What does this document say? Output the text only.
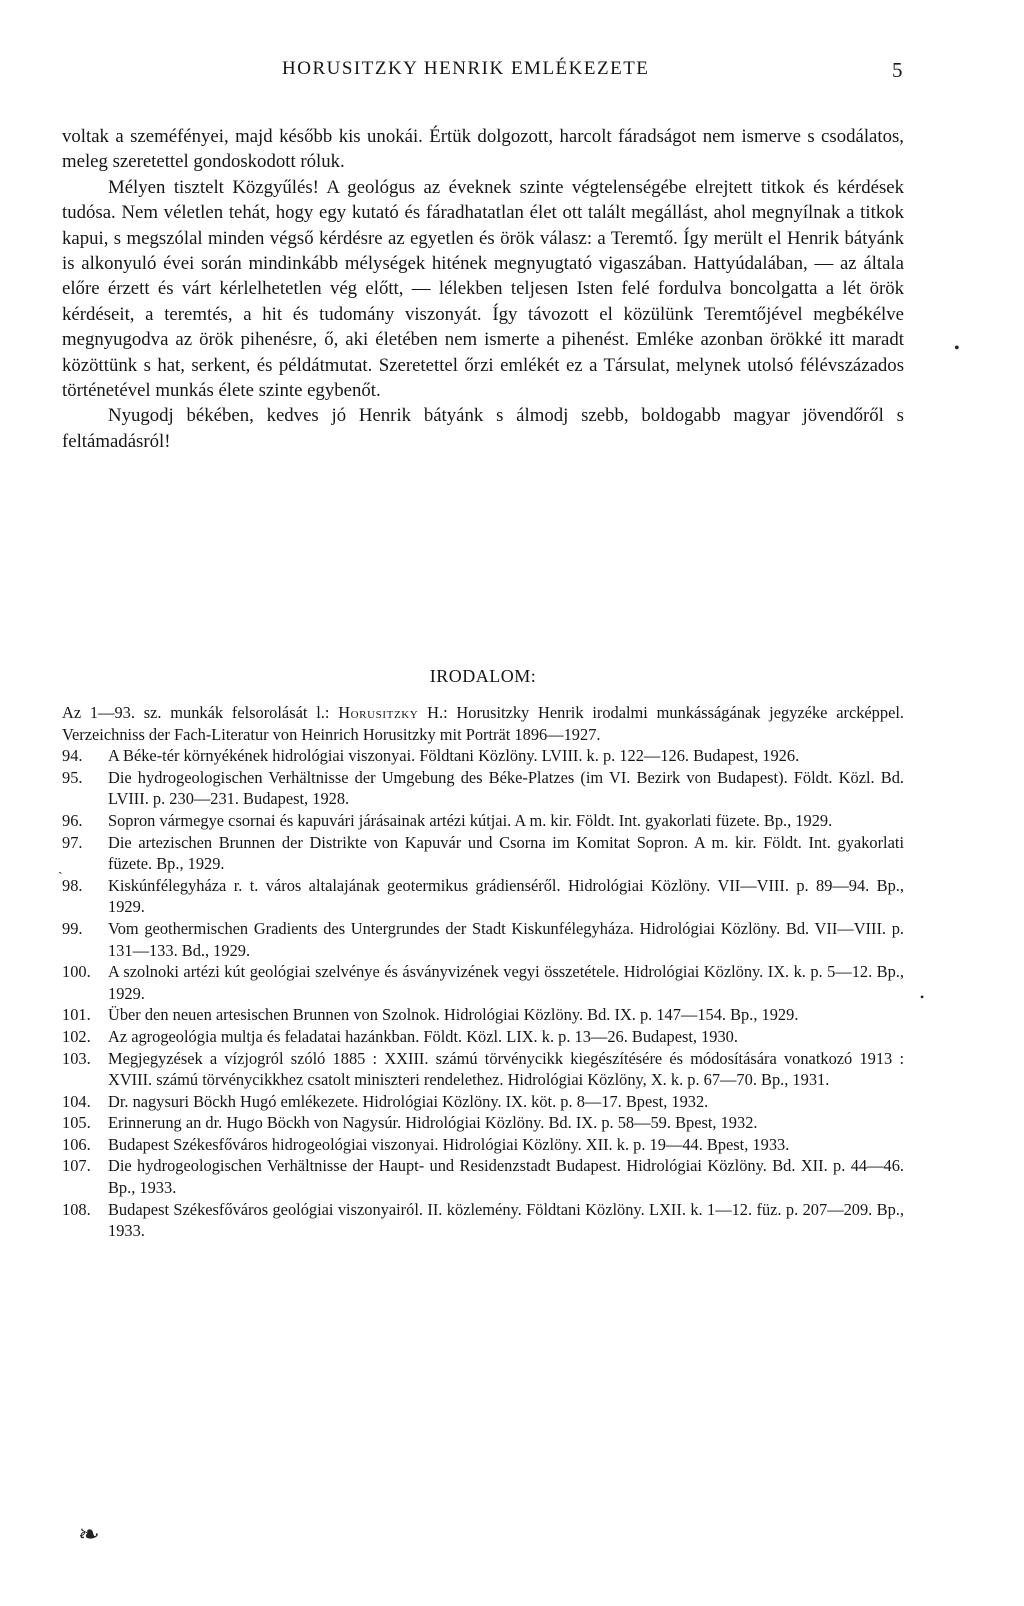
HORUSITZKY HENRIK EMLÉKEZETE	5

voltak a szeméfényei, majd később kis unokái. Értük dolgozott, harcolt fáradságot nem ismerve s csodálatos, meleg szeretettel gondoskodott róluk.

Mélyen tisztelt Közgyűlés! A geológus az éveknek szinte végtelenségébe elrejtett titkok és kérdések tudósa. Nem véletlen tehát, hogy egy kutató és fáradhatatlan élet ott talált megállást, ahol megnyílnak a titkok kapui, s megszólal minden végső kérdésre az egyetlen és örök válasz: a Teremtő. Így merült el Henrik bátyánk is alkonyuló évei során mindinkább mélységek hitének megnyugtató vigaszában. Hattyúdalában, — az általa előre érzett és várt kérlelhetetlen vég előtt, — lélekben teljesen Isten felé fordulva boncolgatta a lét örök kérdéseit, a teremtés, a hit és tudomány viszonyát. Így távozott el közülünk Teremtőjével megbékélve megnyugodva az örök pihenésre, ő, aki életében nem ismerte a pihenést. Emléke azonban örökké itt maradt közöttünk s hat, serkent, és példátmutat. Szeretettel őrzi emlékét ez a Társulat, melynek utolsó félévszázados történetével munkás élete szinte egybenőt.

Nyugodj békében, kedves jó Henrik bátyánk s álmodj szebb, boldogabb magyar jövendőről s feltámadásról!

IRODALOM:
Az 1—93. sz. munkák felsorolását l.: Horusitzky H.: Horusitzky Henrik irodalmi munkásságának jegyzéke arcképpel. Verzeichniss der Fach-Literatur von Heinrich Horusitzky mit Porträt 1896—1927.
94.	A Béke-tér környékének hidrológiai viszonyai. Földtani Közlöny. LVIII. k. p. 122—126. Budapest, 1926.
95.	Die hydrogeologischen Verhältnisse der Umgebung des Béke-Platzes (im VI. Bezirk von Budapest). Földt. Közl. Bd. LVIII. p. 230—231. Budapest, 1928.
96.	Sopron vármegye csornai és kapuvári járásainak artézi kútjai. A m. kir. Földt. Int. gyakorlati füzete. Bp., 1929.
97.	Die artezischen Brunnen der Distrikte von Kapuvár und Csorna im Komitat Sopron. A m. kir. Földt. Int. gyakorlati füzete. Bp., 1929.
98.	Kiskúnfélegyháza r. t. város altalajának geotermikus grádienséről. Hidrológiai Közlöny. VII—VIII. p. 89—94. Bp., 1929.
99.	Vom geothermischen Gradients des Untergrundes der Stadt Kiskunfélegyháza. Hidrológiai Közlöny. Bd. VII—VIII. p. 131—133. Bd., 1929.
100.	A szolnoki artézi kút geológiai szelvénye és ásványvizének vegyi összetétele. Hidrológiai Közlöny. IX. k. p. 5—12. Bp., 1929.
101.	Über den neuen artesischen Brunnen von Szolnok. Hidrológiai Közlöny. Bd. IX. p. 147—154. Bp., 1929.
102.	Az agrogeológia multja és feladatai hazánkban. Földt. Közl. LIX. k. p. 13—26. Budapest, 1930.
103.	Megjegyzések a vízjogról szóló 1885 : XXIII. számú törvénycikk kiegészítésére és módosítására vonatkozó 1913 : XVIII. számú törvénycikkhez csatolt miniszteri rendelethez. Hidrológiai Közlöny, X. k. p. 67—70. Bp., 1931.
104.	Dr. nagysuri Böckh Hugó emlékezete. Hidrológiai Közlöny. IX. köt. p. 8—17. Bpest, 1932.
105.	Erinnerung an dr. Hugo Böckh von Nagysúr. Hidrológiai Közlöny. Bd. IX. p. 58—59. Bpest, 1932.
106.	Budapest Székesfőváros hidrogeológiai viszonyai. Hidrológiai Közlöny. XII. k. p. 19—44. Bpest, 1933.
107.	Die hydrogeologischen Verhältnisse der Haupt- und Residenzstadt Budapest. Hidrológiai Közlöny. Bd. XII. p. 44—46. Bp., 1933.
108.	Budapest Székesfőváros geológiai viszonyairól. II. közlemény. Földtani Közlöny. LXII. k. 1—12. füz. p. 207—209. Bp., 1933.
•
ˏ
•
❧
